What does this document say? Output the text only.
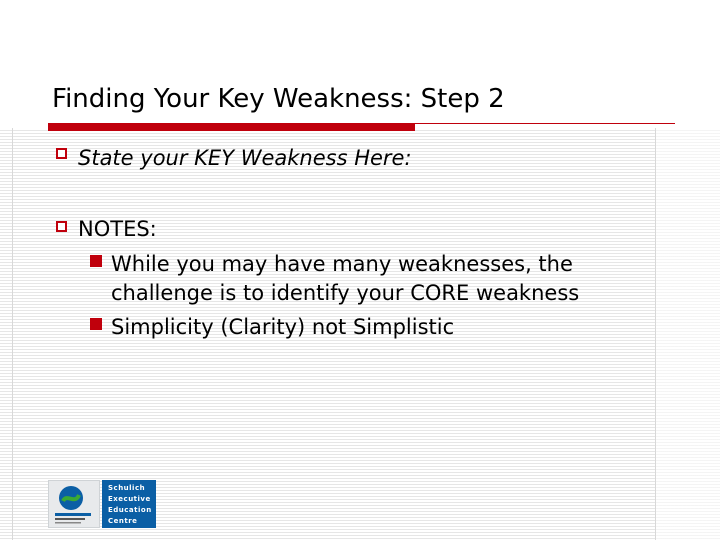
Finding Your Key Weakness: Step 2
State your KEY Weakness Here:
NOTES:
While you may have many weaknesses, the
challenge is to identify your CORE weakness
Simplicity (Clarity) not Simplistic
Schulich
Executive
Education
Centre
